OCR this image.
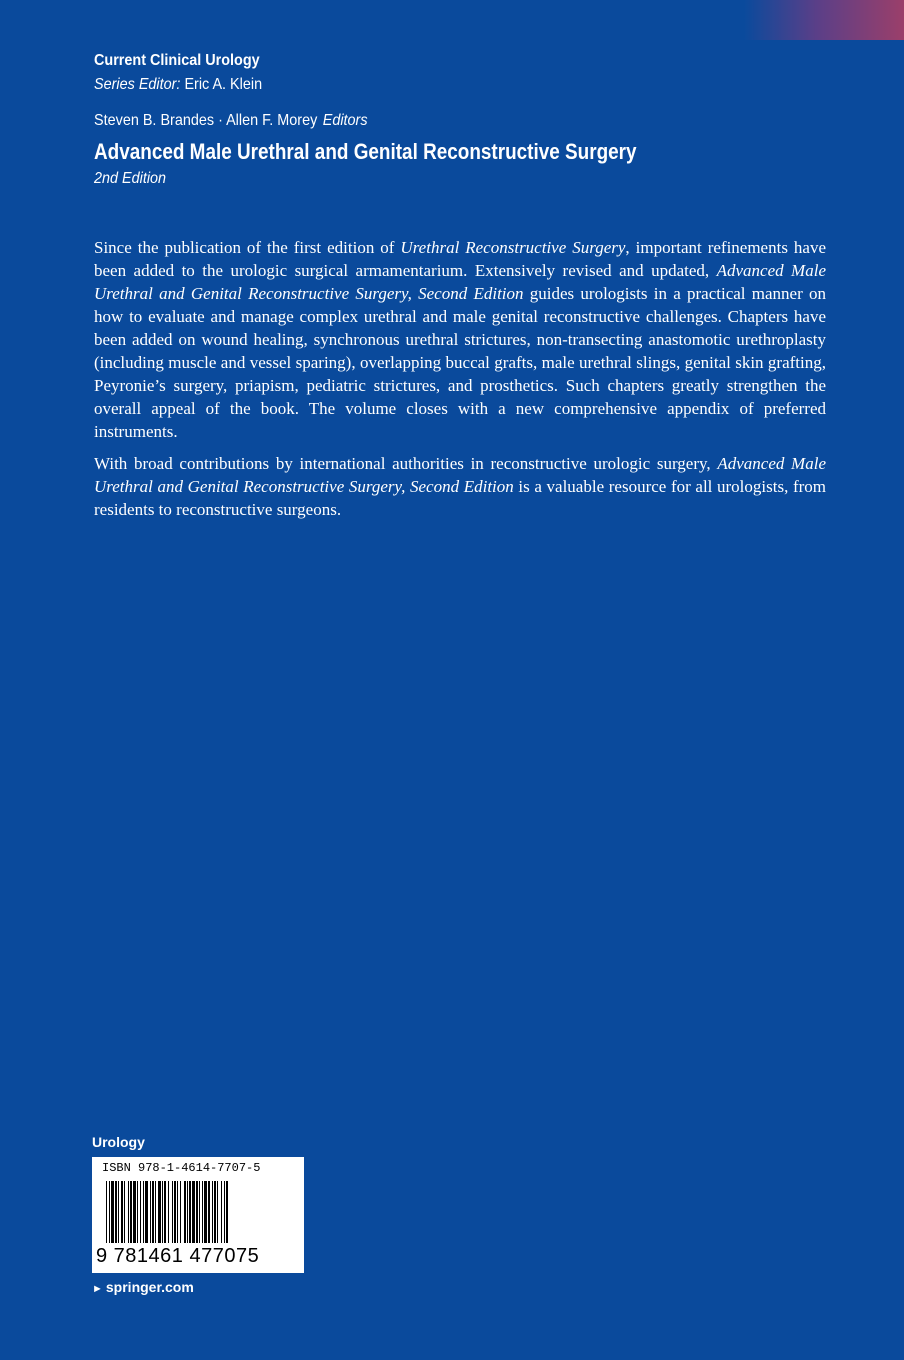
Current Clinical Urology
Series Editor: Eric A. Klein
Steven B. Brandes · Allen F. Morey Editors
Advanced Male Urethral and Genital Reconstructive Surgery
2nd Edition

Since the publication of the first edition of Urethral Reconstructive Surgery, important refinements have been added to the urologic surgical armamentarium. Extensively revised and updated, Advanced Male Urethral and Genital Reconstructive Surgery, Second Edition guides urologists in a practical manner on how to evaluate and manage complex urethral and male genital reconstructive challenges. Chapters have been added on wound healing, synchronous urethral strictures, non-transecting anastomotic urethroplasty (including muscle and vessel sparing), overlapping buccal grafts, male urethral slings, genital skin grafting, Peyronie’s surgery, priapism, pediatric strictures, and prosthetics. Such chapters greatly strengthen the overall appeal of the book. The volume closes with a new comprehensive appendix of preferred instruments.

With broad contributions by international authorities in reconstructive urologic surgery, Advanced Male Urethral and Genital Reconstructive Surgery, Second Edition is a valuable resource for all urologists, from residents to reconstructive surgeons.

Urology
ISBN 978-1-4614-7707-5
9 781461 477075
► springer.com
